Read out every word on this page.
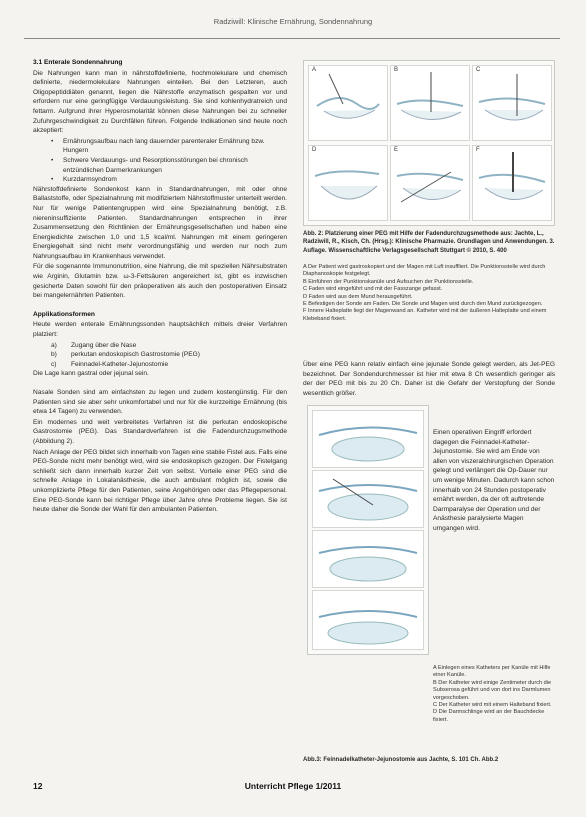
Radziwill: Klinische Ernährung, Sondennahrung
3.1 Enterale Sondennahrung

Die Nahrungen kann man in nährstoffdefinierte, hochmolekulare und chemisch definierte, niedermolekulare Nahrungen einteilen. Bei den Letzteren, auch Oligopeptiddiäten genannt, liegen die Nährstoffe enzymatisch gespalten vor und erfordern nur eine geringfügige Verdauungsleistung. Sie sind kohlenhydratreich und fettarm. Aufgrund ihrer Hyperosmolarität können diese Nahrungen bei zu schneller Zufuhrgeschwindigkeit zu Durchfällen führen. Folgende Indikationen sind heute noch akzeptiert:

• Ernährungsaufbau nach lang dauernder parenteraler Ernährung bzw. Hungern
• Schwere Verdauungs- und Resorptionsstörungen bei chronisch entzündlichen Darmerkrankungen
• Kurzdarmsyndrom

Nährstoffdefinierte Sondenkost kann in Standardnahrungen, mit oder ohne Ballaststoffe, oder Spezialnahrung mit modifiziertem Nährstoffmuster unterteilt werden. Nur für wenige Patientengruppen wird eine Spezialnahrung benötigt, z.B. niereninsuffiziente Patienten. Standardnahrungen entsprechen in ihrer Zusammensetzung den Richtlinien der Ernährungsgesellschaften und haben eine Energiedichte zwischen 1,0 und 1,5 kcal/ml. Nahrungen mit einem geringeren Energiegehalt sind nicht mehr verordnungsfähig und werden nur noch zum Nahrungsaufbau im Krankenhaus verwendet.

Für die sogenannte Immunonutrition, eine Nahrung, die mit speziellen Nährsubstraten wie Arginin, Glutamin bzw. ω-3-Fettsäuren angereichert ist, gibt es inzwischen gesicherte Daten sowohl für den präoperativen als auch den postoperativen Einsatz bei mangelernährten Patienten.

Applikationsformen

Heute werden enterale Ernährungssonden hauptsächlich mittels dreier Verfahren platziert:

a) Zugang über die Nase
b) perkutan endoskopisch Gastrostomie (PEG)
c) Feinnadel-Katheter-Jejunostomie

Die Lage kann gastral oder jejunal sein.

Nasale Sonden sind am einfachsten zu legen und zudem kostengünstig. Für den Patienten sind sie aber sehr unkomfortabel und nur für die kurzzeitige Ernährung (bis etwa 14 Tagen) zu verwenden.

Ein modernes und weit verbreitetes Verfahren ist die perkutan endoskopische Gastrostomie (PEG). Das Standardverfahren ist die Fadendurchzugsmethode (Abbildung 2).

Nach Anlage der PEG bildet sich innerhalb von Tagen eine stabile Fistel aus. Falls eine PEG-Sonde nicht mehr benötigt wird, wird sie endoskopisch gezogen. Der Fistelgang schließt sich dann innerhalb kurzer Zeit von selbst. Vorteile einer PEG sind die schnelle Anlage in Lokalanästhesie, die auch ambulant möglich ist, sowie die unkomplizierte Pflege für den Patienten, seine Angehörigen oder das Pflegepersonal. Eine PEG-Sonde kann bei richtiger Pflege über Jahre ohne Probleme liegen. Sie ist heute daher die Sonde der Wahl für den ambulanten Patienten.

A	B	C
D	E	F
Abb. 2: Platzierung einer PEG mit Hilfe der Fadendurchzugsmethode aus: Jachte, L., Radziwill, R., Kisch, Ch. (Hrsg.): Klinische Pharmazie. Grundlagen und Anwendungen. 3. Auflage. Wissenschaftliche Verlagsgesellschaft Stuttgart © 2010, S. 400
A Der Patient wird gastroskopiert und der Magen mit Luft insuffliert. Die Punktionsstelle wird durch Diaphanoskopie festgelegt.
B Einführen der Punktionskanüle und Aufsuchen der Punktionsstelle.
C Faden wird eingeführt und mit der Fasszange gefasst.
D Faden wird aus dem Mund herausgeführt.
E Befestigen der Sonde am Faden. Die Sonde und Magen wird durch den Mund zurückgezogen.
F Innere Halteplatte liegt der Magenwand an. Katheter wird mit der äußeren Halteplatte und einem Klebeband fixiert.
Über eine PEG kann relativ einfach eine jejunale Sonde gelegt werden, als Jet-PEG bezeichnet. Der Sondendurchmesser ist hier mit etwa 8 Ch wesentlich geringer als der der PEG mit bis zu 20 Ch. Daher ist die Gefahr der Verstopfung der Sonde wesentlich größer.
Einen operativen Eingriff erfordert dagegen die Feinnadel-Katheter-Jejunostomie. Sie wird am Ende von allen von viszeralchirurgischen Operation gelegt und verlängert die Op-Dauer nur um wenige Minuten. Dadurch kann schon innerhalb von 24 Stunden postoperativ ernährt werden, da der oft auftretende Darmparalyse der Operation und der Anästhesie paralysierte Magen umgangen wird.
A Einlegen eines Katheters per Kanüle mit Hilfe einer Kanüle.
B Der Katheter wird einige Zentimeter durch die Subserosa geführt und von dort ins Darmlumen vorgeschoben.
C Der Katheter wird mit einem Halteband fixiert.
D Die Darmschlinge wird an der Bauchdecke fixiert.
Abb.3: Feinnadelkatheter-Jejunostomie aus Jachte, S. 101 Ch. Abb.2
12	Unterricht Pflege 1/2011
